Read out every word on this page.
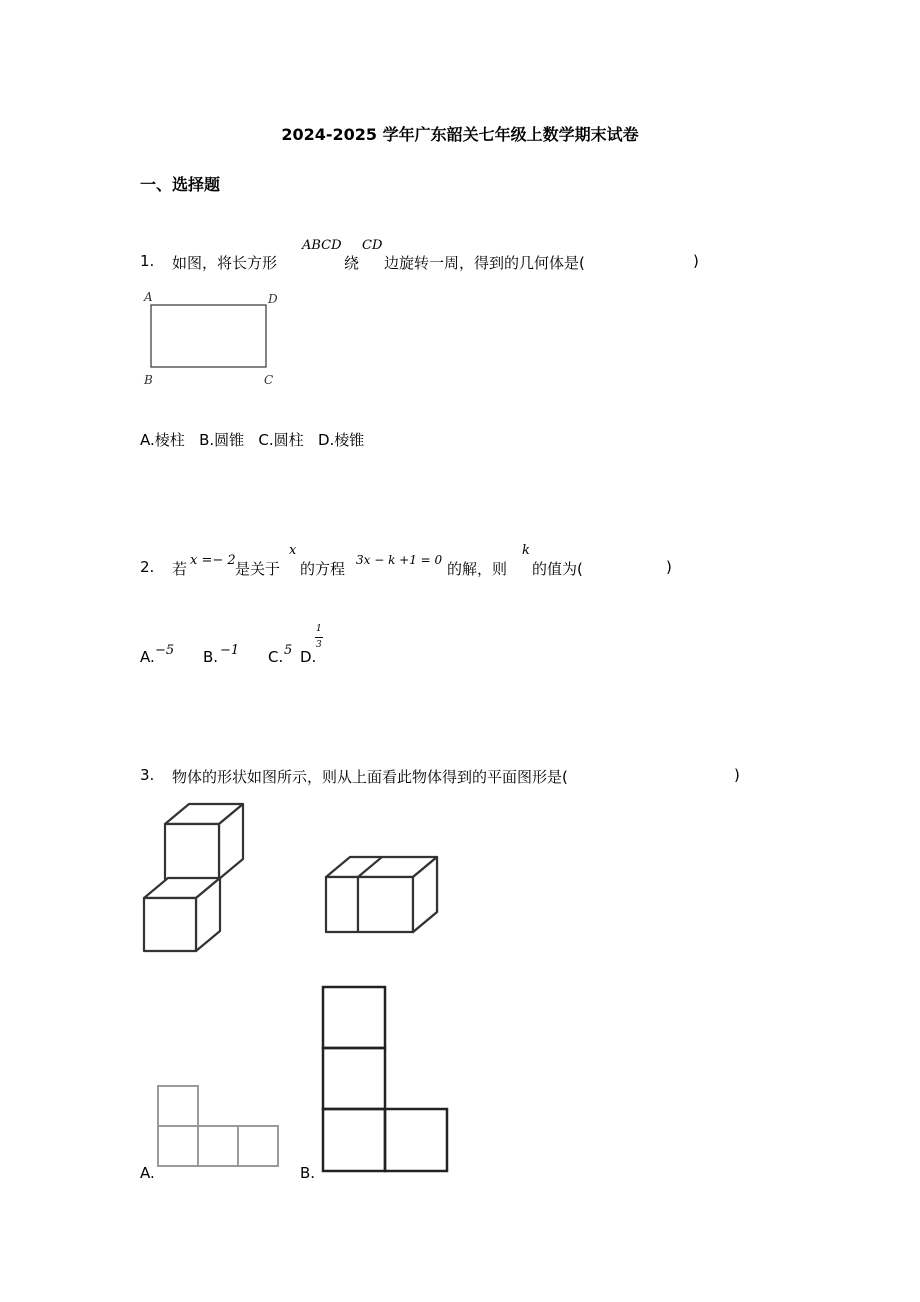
2024-2025 学年广东韶关七年级上数学期末试卷
一、选择题
1. 如图，将长方形
ABCD
绕
CD
边旋转一周，得到的几何体是(	)
A	D
B	C
A.棱柱   B.圆锥   C.圆柱   D.棱锥
2. 若 x =− 2 是关于
x
的方程 3x − k +1 = 0 的解，则
k
的值为(	)
A. −5 B. −1 C. 5 D.
1
3
3. 物体的形状如图所示，则从上面看此物体得到的平面图形是(	)
A.	B.
